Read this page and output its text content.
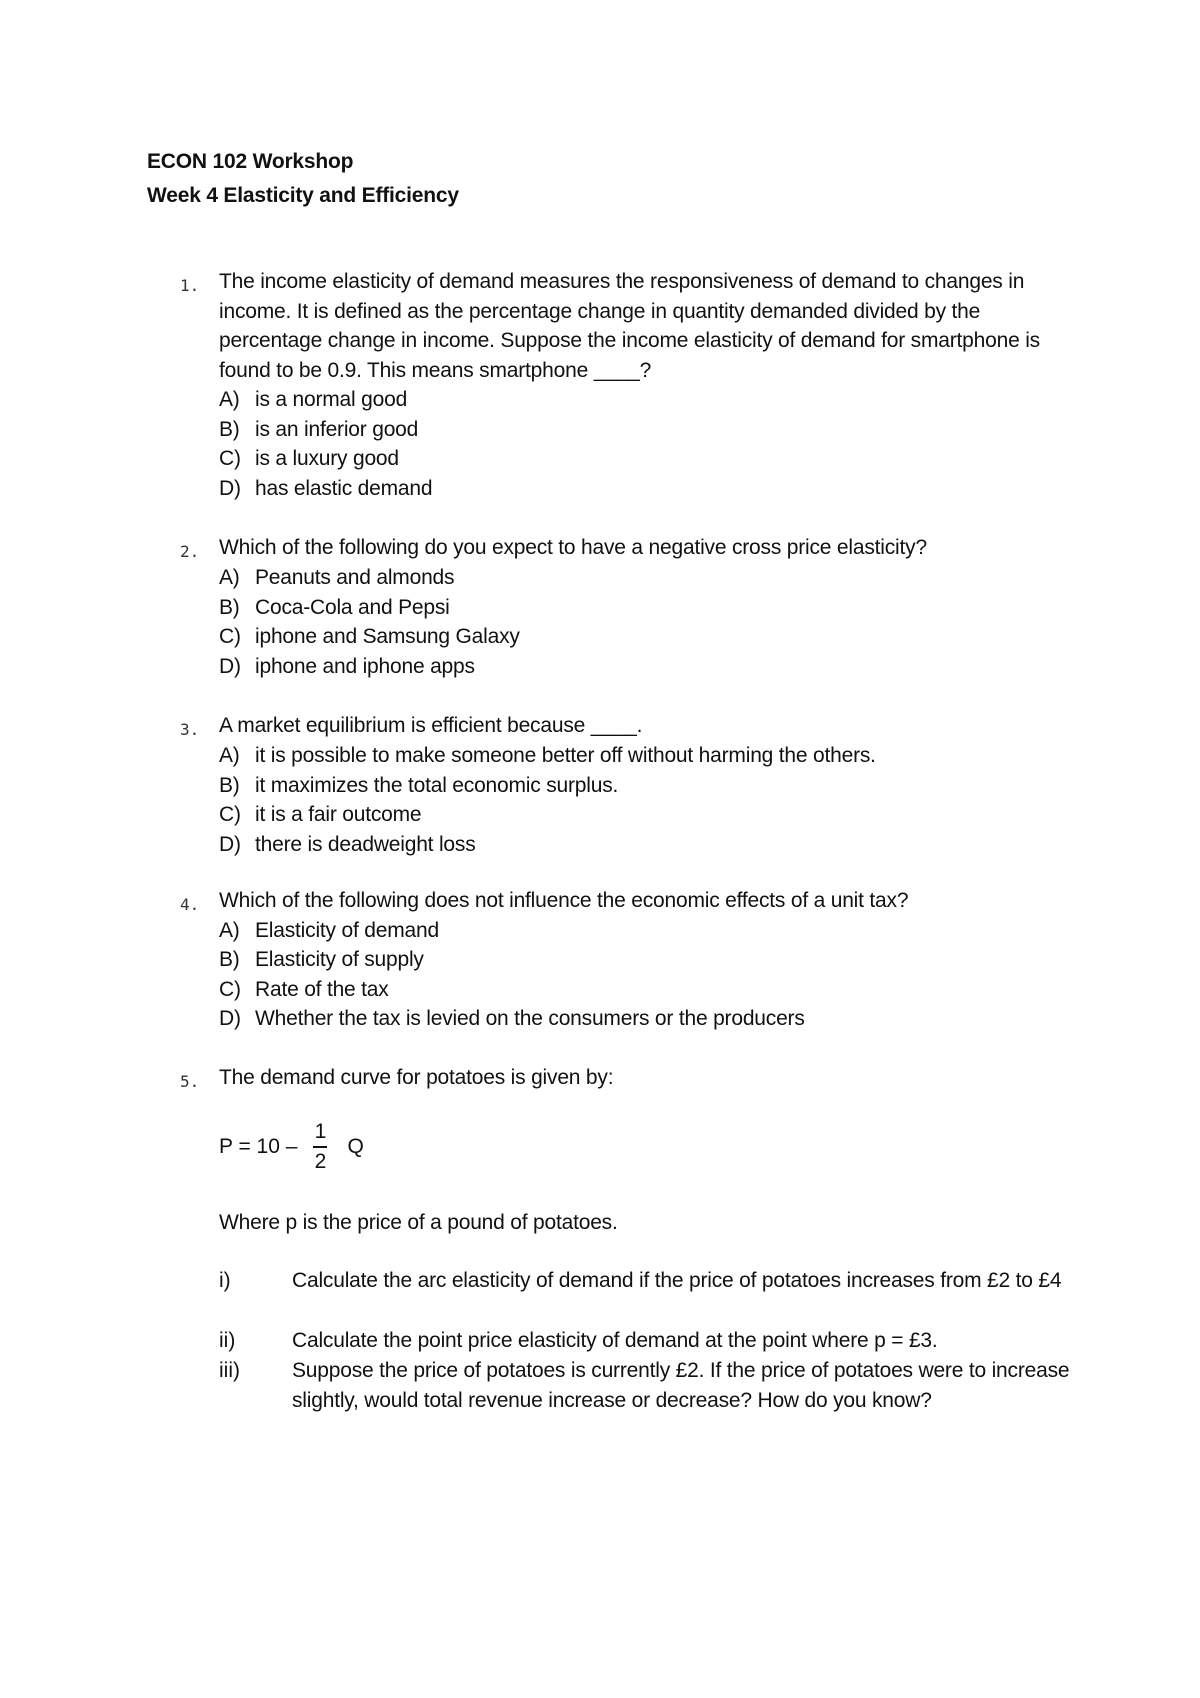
ECON 102 Workshop
Week 4 Elasticity and Efficiency
1. The income elasticity of demand measures the responsiveness of demand to changes in income. It is defined as the percentage change in quantity demanded divided by the percentage change in income. Suppose the income elasticity of demand for smartphone is found to be 0.9. This means smartphone ____?
A) is a normal good
B) is an inferior good
C) is a luxury good
D) has elastic demand
2. Which of the following do you expect to have a negative cross price elasticity?
A) Peanuts and almonds
B) Coca-Cola and Pepsi
C) iphone and Samsung Galaxy
D) iphone and iphone apps
3. A market equilibrium is efficient because ____.
A) it is possible to make someone better off without harming the others.
B) it maximizes the total economic surplus.
C) it is a fair outcome
D) there is deadweight loss
4. Which of the following does not influence the economic effects of a unit tax?
A) Elasticity of demand
B) Elasticity of supply
C) Rate of the tax
D) Whether the tax is levied on the consumers or the producers
5. The demand curve for potatoes is given by:
$P = 10 - \frac{1}{2}$ Q
Where p is the price of a pound of potatoes.
i)	Calculate the arc elasticity of demand if the price of potatoes increases from £2 to £4
ii)	Calculate the point price elasticity of demand at the point where p = £3.
iii) Suppose the price of potatoes is currently £2. If the price of potatoes were to increase slightly, would total revenue increase or decrease? How do you know?
